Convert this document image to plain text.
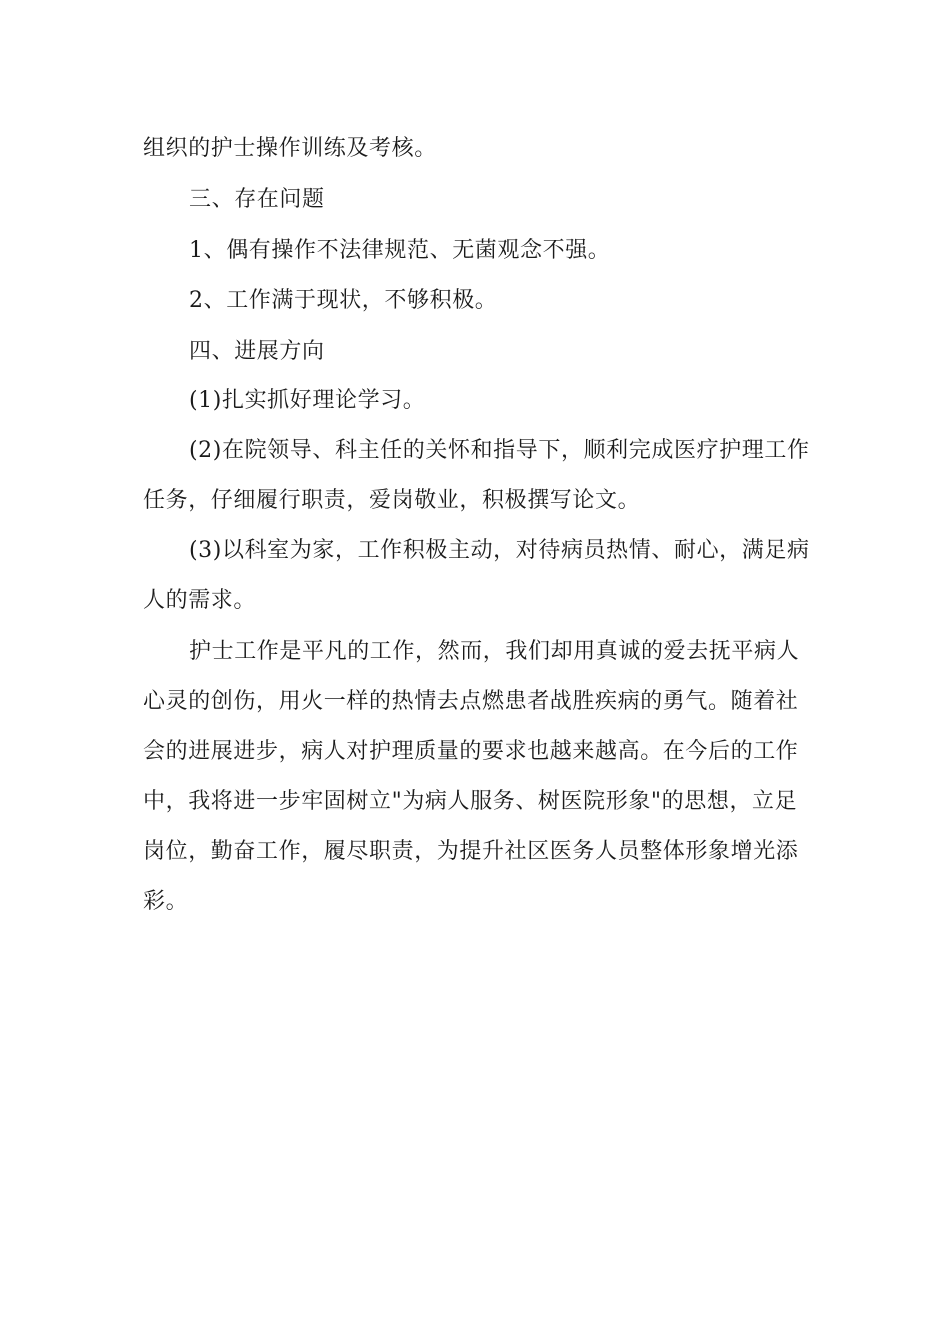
组织的护士操作训练及考核。
三、存在问题
1、偶有操作不法律规范、无菌观念不强。
2、工作满于现状，不够积极。
四、进展方向
(1)扎实抓好理论学习。
(2)在院领导、科主任的关怀和指导下，顺利完成医疗护理工作
任务，仔细履行职责，爱岗敬业，积极撰写论文。
(3)以科室为家，工作积极主动，对待病员热情、耐心，满足病
人的需求。
护士工作是平凡的工作，然而，我们却用真诚的爱去抚平病人
心灵的创伤，用火一样的热情去点燃患者战胜疾病的勇气。随着社
会的进展进步，病人对护理质量的要求也越来越高。在今后的工作
中，我将进一步牢固树立"为病人服务、树医院形象"的思想，立足
岗位，勤奋工作，履尽职责，为提升社区医务人员整体形象增光添
彩。
